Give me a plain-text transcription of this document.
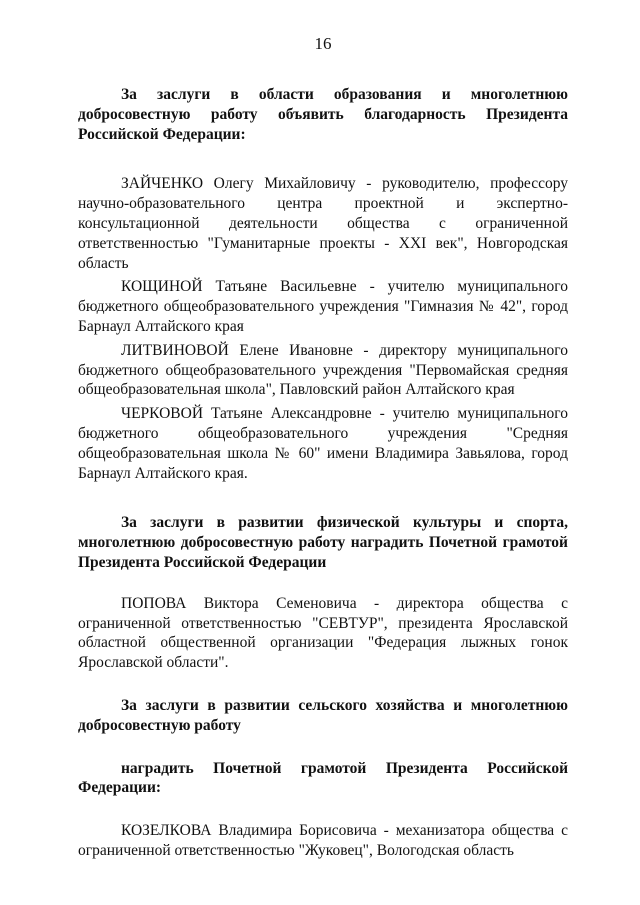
16

За заслуги в области образования и многолетнюю добросовестную работу объявить благодарность Президента Российской Федерации:

ЗАЙЧЕНКО Олегу Михайловичу - руководителю, профессору научно-образовательного центра проектной и экспертно-консультационной деятельности общества с ограниченной ответственностью "Гуманитарные проекты - XXI век", Новгородская область

КОЩИНОЙ Татьяне Васильевне - учителю муниципального бюджетного общеобразовательного учреждения "Гимназия № 42", город Барнаул Алтайского края

ЛИТВИНОВОЙ Елене Ивановне - директору муниципального бюджетного общеобразовательного учреждения "Первомайская средняя общеобразовательная школа", Павловский район Алтайского края

ЧЕРКОВОЙ Татьяне Александровне - учителю муниципального бюджетного общеобразовательного учреждения "Средняя общеобразовательная школа № 60" имени Владимира Завьялова, город Барнаул Алтайского края.

За заслуги в развитии физической культуры и спорта, многолетнюю добросовестную работу наградить Почетной грамотой Президента Российской Федерации

ПОПОВА Виктора Семеновича - директора общества с ограниченной ответственностью "СЕВТУР", президента Ярославской областной общественной организации "Федерация лыжных гонок Ярославской области".

За заслуги в развитии сельского хозяйства и многолетнюю добросовестную работу

наградить Почетной грамотой Президента Российской Федерации:

КОЗЕЛКОВА Владимира Борисовича - механизатора общества с ограниченной ответственностью "Жуковец", Вологодская область
